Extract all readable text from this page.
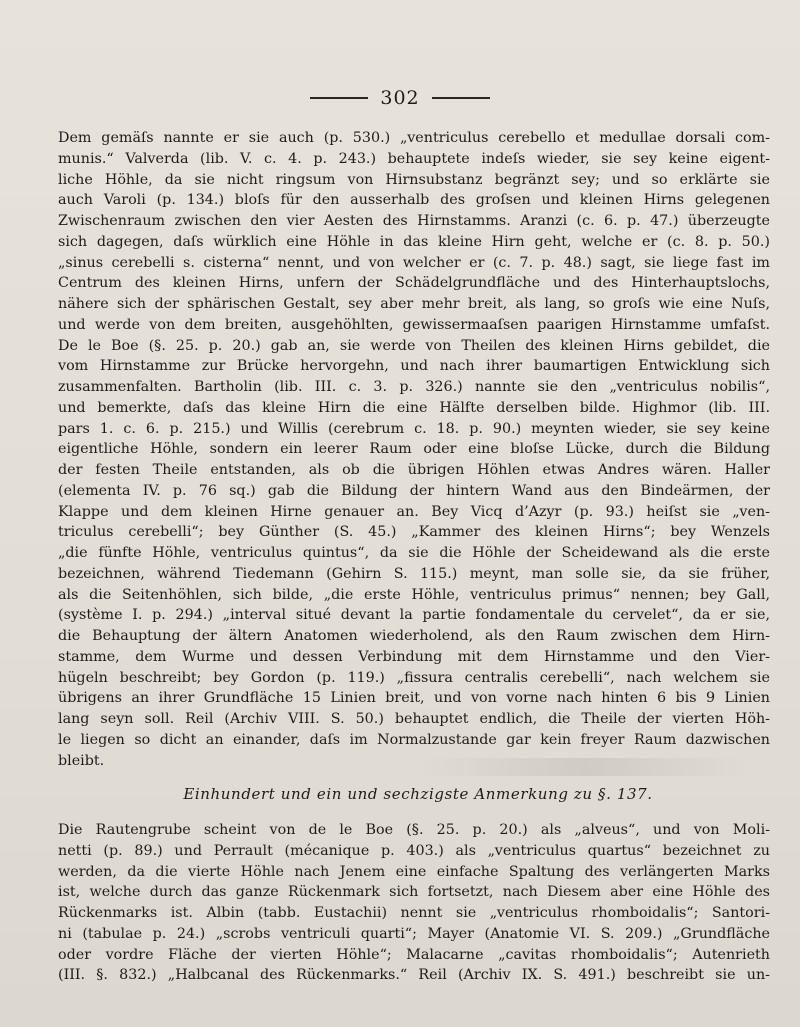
302
Dem gemäſs nannte er sie auch (p. 530.) „ventriculus cerebello et medullae dorsali com-
munis.“ Valverda (lib. V. c. 4. p. 243.) behauptete indeſs wieder, sie sey keine eigent-
liche Höhle, da sie nicht ringsum von Hirnsubstanz begränzt sey; und so erklärte sie
auch Varoli (p. 134.) bloſs für den ausserhalb des groſsen und kleinen Hirns gelegenen
Zwischenraum zwischen den vier Aesten des Hirnstamms. Aranzi (c. 6. p. 47.) überzeugte
sich dagegen, daſs würklich eine Höhle in das kleine Hirn geht, welche er (c. 8. p. 50.)
„sinus cerebelli s. cisterna“ nennt, und von welcher er (c. 7. p. 48.) sagt, sie liege fast im
Centrum des kleinen Hirns, unfern der Schädelgrundfläche und des Hinterhauptslochs,
nähere sich der sphärischen Gestalt, sey aber mehr breit, als lang, so groſs wie eine Nuſs,
und werde von dem breiten, ausgehöhlten, gewissermaaſsen paarigen Hirnstamme umfaſst.
De le Boe (§. 25. p. 20.) gab an, sie werde von Theilen des kleinen Hirns gebildet, die
vom Hirnstamme zur Brücke hervorgehn, und nach ihrer baumartigen Entwicklung sich
zusammenfalten. Bartholin (lib. III. c. 3. p. 326.) nannte sie den „ventriculus nobilis“,
und bemerkte, daſs das kleine Hirn die eine Hälfte derselben bilde. Highmor (lib. III.
pars 1. c. 6. p. 215.) und Willis (cerebrum c. 18. p. 90.) meynten wieder, sie sey keine
eigentliche Höhle, sondern ein leerer Raum oder eine bloſse Lücke, durch die Bildung
der festen Theile entstanden, als ob die übrigen Höhlen etwas Andres wären. Haller
(elementa IV. p. 76 sq.) gab die Bildung der hintern Wand aus den Bindeärmen, der
Klappe und dem kleinen Hirne genauer an. Bey Vicq d’Azyr (p. 93.) heiſst sie „ven-
triculus cerebelli“; bey Günther (S. 45.) „Kammer des kleinen Hirns“; bey Wenzels
„die fünfte Höhle, ventriculus quintus“, da sie die Höhle der Scheidewand als die erste
bezeichnen, während Tiedemann (Gehirn S. 115.) meynt, man solle sie, da sie früher,
als die Seitenhöhlen, sich bilde, „die erste Höhle, ventriculus primus“ nennen; bey Gall,
(système I. p. 294.) „interval situé devant la partie fondamentale du cervelet“, da er sie,
die Behauptung der ältern Anatomen wiederholend, als den Raum zwischen dem Hirn-
stamme, dem Wurme und dessen Verbindung mit dem Hirnstamme und den Vier-
hügeln beschreibt; bey Gordon (p. 119.) „fissura centralis cerebelli“, nach welchem sie
übrigens an ihrer Grundfläche 15 Linien breit, und von vorne nach hinten 6 bis 9 Linien
lang seyn soll. Reil (Archiv VIII. S. 50.) behauptet endlich, die Theile der vierten Höh-
le liegen so dicht an einander, daſs im Normalzustande gar kein freyer Raum dazwischen
bleibt.
Einhundert und ein und sechzigste Anmerkung zu §. 137.
Die Rautengrube scheint von de le Boe (§. 25. p. 20.) als „alveus“, und von Moli-
netti (p. 89.) und Perrault (mécanique p. 403.) als „ventriculus quartus“ bezeichnet zu
werden, da die vierte Höhle nach Jenem eine einfache Spaltung des verlängerten Marks
ist, welche durch das ganze Rückenmark sich fortsetzt, nach Diesem aber eine Höhle des
Rückenmarks ist. Albin (tabb. Eustachii) nennt sie „ventriculus rhomboidalis“; Santori-
ni (tabulae p. 24.) „scrobs ventriculi quarti“; Mayer (Anatomie VI. S. 209.) „Grundfläche
oder vordre Fläche der vierten Höhle“; Malacarne „cavitas rhomboidalis“; Autenrieth
(III. §. 832.) „Halbcanal des Rückenmarks.“ Reil (Archiv IX. S. 491.) beschreibt sie un-
